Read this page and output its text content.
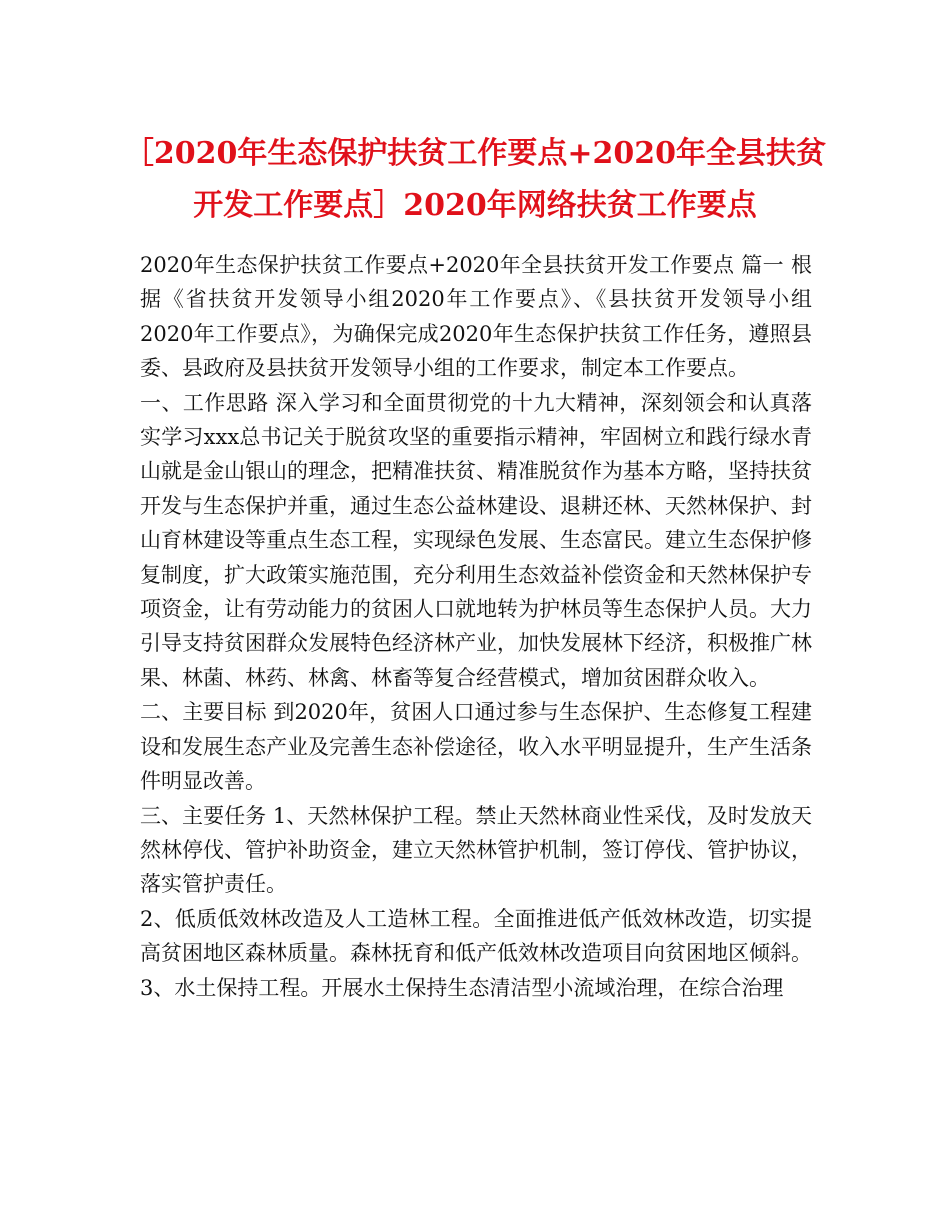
［2020年生态保护扶贫工作要点+2020年全县扶贫开发工作要点］2020年网络扶贫工作要点

2020年生态保护扶贫工作要点+2020年全县扶贫开发工作要点 篇一 根据《省扶贫开发领导小组2020年工作要点》、《县扶贫开发领导小组2020年工作要点》，为确保完成2020年生态保护扶贫工作任务，遵照县委、县政府及县扶贫开发领导小组的工作要求，制定本工作要点。

一、工作思路 深入学习和全面贯彻党的十九大精神，深刻领会和认真落实学习xxx总书记关于脱贫攻坚的重要指示精神，牢固树立和践行绿水青山就是金山银山的理念，把精准扶贫、精准脱贫作为基本方略，坚持扶贫开发与生态保护并重，通过生态公益林建设、退耕还林、天然林保护、封山育林建设等重点生态工程，实现绿色发展、生态富民。建立生态保护修复制度，扩大政策实施范围，充分利用生态效益补偿资金和天然林保护专项资金，让有劳动能力的贫困人口就地转为护林员等生态保护人员。大力引导支持贫困群众发展特色经济林产业，加快发展林下经济，积极推广林果、林菌、林药、林禽、林畜等复合经营模式，增加贫困群众收入。

二、主要目标 到2020年，贫困人口通过参与生态保护、生态修复工程建设和发展生态产业及完善生态补偿途径，收入水平明显提升，生产生活条件明显改善。

三、主要任务 1、天然林保护工程。禁止天然林商业性采伐，及时发放天然林停伐、管护补助资金，建立天然林管护机制，签订停伐、管护协议，落实管护责任。

2、低质低效林改造及人工造林工程。全面推进低产低效林改造，切实提高贫困地区森林质量。森林抚育和低产低效林改造项目向贫困地区倾斜。

3、水土保持工程。开展水土保持生态清洁型小流域治理，在综合治理
